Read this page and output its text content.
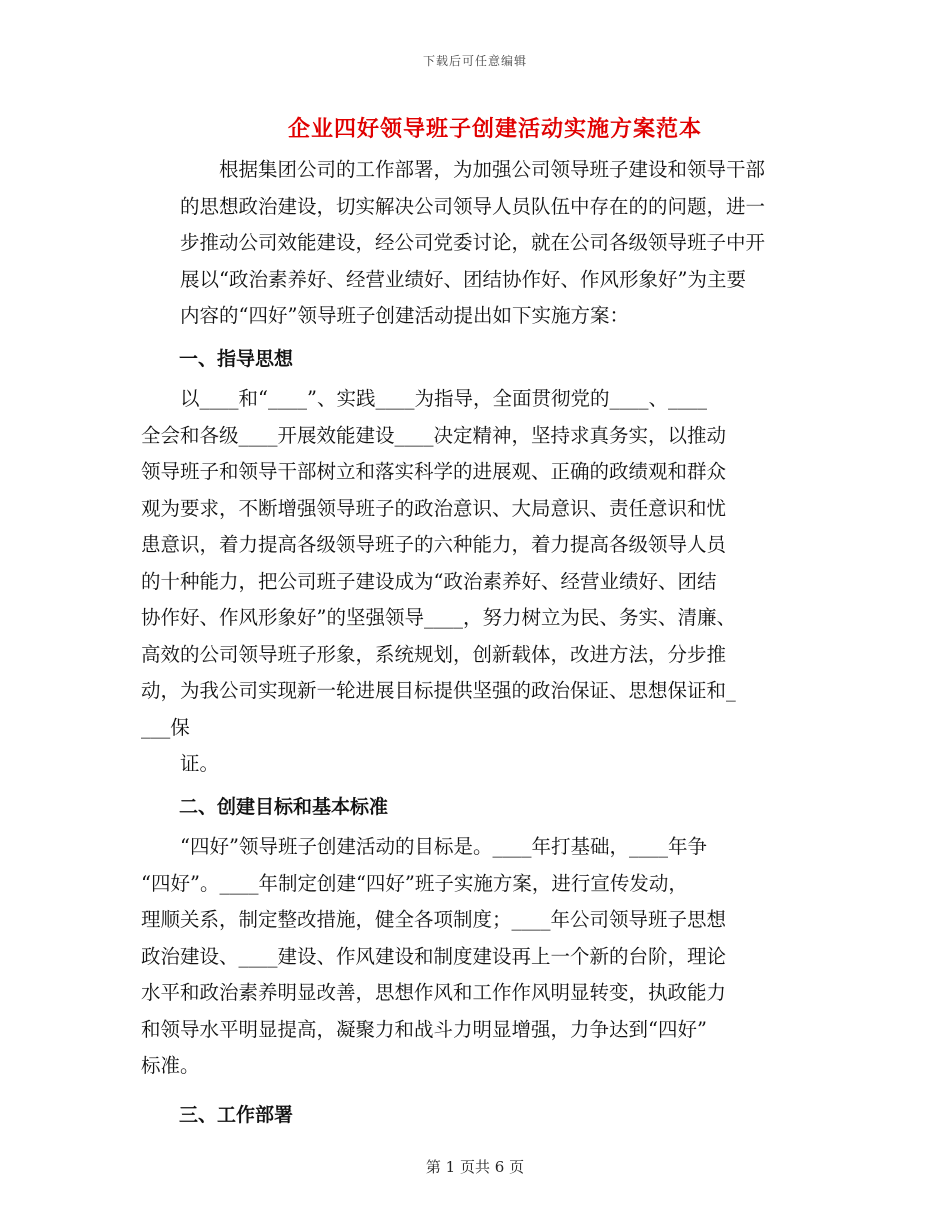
下载后可任意编辑
企业四好领导班子创建活动实施方案范本
根据集团公司的工作部署，为加强公司领导班子建设和领导干部
的思想政治建设，切实解决公司领导人员队伍中存在的的问题，进一
步推动公司效能建设，经公司党委讨论，就在公司各级领导班子中开
展以“政治素养好、经营业绩好、团结协作好、作风形象好”为主要
内容的“四好”领导班子创建活动提出如下实施方案：
一、指导思想
以____和“____”、实践____为指导，全面贯彻党的____、____
全会和各级____开展效能建设____决定精神，坚持求真务实，以推动
领导班子和领导干部树立和落实科学的进展观、正确的政绩观和群众
观为要求，不断增强领导班子的政治意识、大局意识、责任意识和忧
患意识，着力提高各级领导班子的六种能力，着力提高各级领导人员
的十种能力，把公司班子建设成为“政治素养好、经营业绩好、团结
协作好、作风形象好”的坚强领导____，努力树立为民、务实、清廉、
高效的公司领导班子形象，系统规划，创新载体，改进方法，分步推
动，为我公司实现新一轮进展目标提供坚强的政治保证、思想保证和_
___保
证。
二、创建目标和基本标准
“四好”领导班子创建活动的目标是。____年打基础，____年争
“四好”。____年制定创建“四好”班子实施方案，进行宣传发动，
理顺关系，制定整改措施，健全各项制度；____年公司领导班子思想
政治建设、____建设、作风建设和制度建设再上一个新的台阶，理论
水平和政治素养明显改善，思想作风和工作作风明显转变，执政能力
和领导水平明显提高，凝聚力和战斗力明显增强，力争达到“四好”
标准。
三、工作部署
第 1 页共 6 页
